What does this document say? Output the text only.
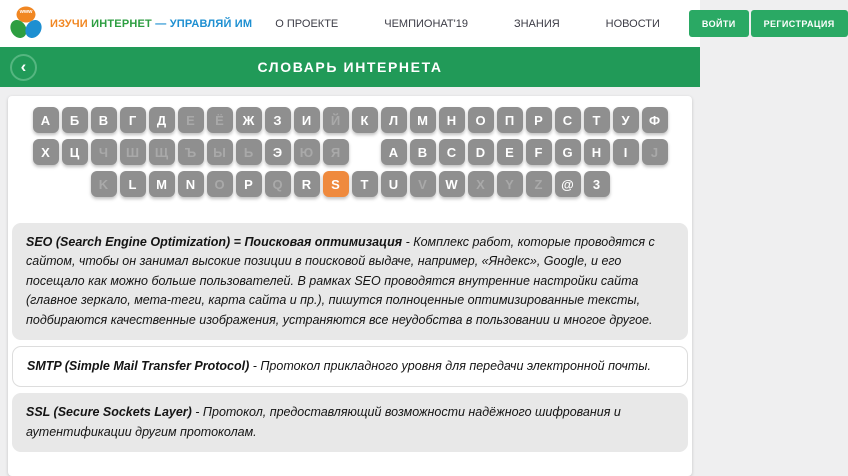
www
ИЗУЧИ ИНТЕРНЕТ — УПРАВЛЯЙ ИМ	О ПРОЕКТЕ	ЧЕМПИОНАТ'19	ЗНАНИЯ	НОВОСТИ	ВОЙТИ	РЕГИСТРАЦИЯ
‹	СЛОВАРЬ ИНТЕРНЕТА
А	Б	В	Г	Д	Е	Ё	Ж	З	И	Й	К	Л	М	Н	О	П	Р	С	Т	У	Ф
Х	Ц	Ч	Ш	Щ	Ъ	Ы	Ь	Э	Ю	Я	A	B	C	D	E	F	G	H	I	J
K	L	M	N	O	P	Q	R	S	T	U	V	W	X	Y	Z	@	3
SEO (Search Engine Optimization) = Поисковая оптимизация - Комплекс работ, которые проводятся с сайтом, чтобы он занимал высокие позиции в поисковой выдаче, например, «Яндекс», Google, и его посещало как можно больше пользователей. В рамках SEO проводятся внутренние настройки сайта (главное зеркало, мета-теги, карта сайта и пр.), пишутся полноценные оптимизированные тексты, подбираются качественные изображения, устраняются все неудобства в пользовании и многое другое.
SMTP (Simple Mail Transfer Protocol) - Протокол прикладного уровня для передачи электронной почты.
SSL (Secure Sockets Layer) - Протокол, предоставляющий возможности надёжного шифрования и аутентификации другим протоколам.
